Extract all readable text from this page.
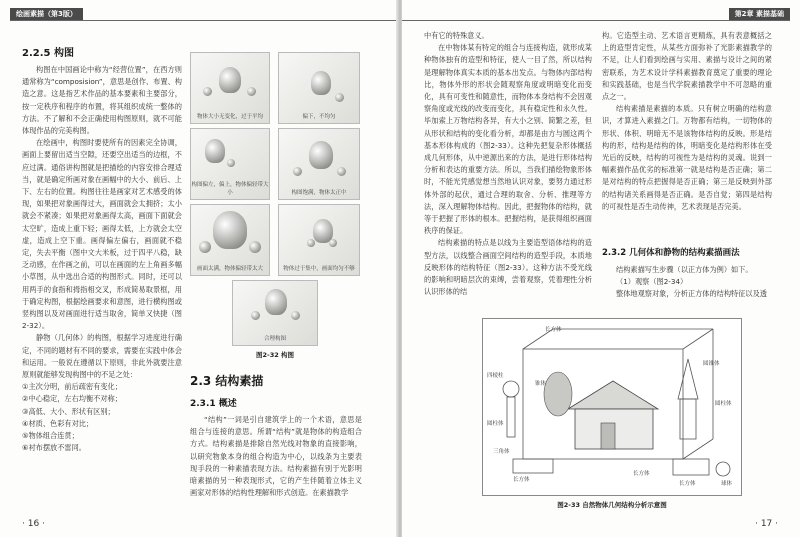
绘画素描（第3版）
2.2.5 构图

构图在中国画论中称为“经营位置”，在西方则通常称为“composision”，意思是创作、布置、构造之意。这是指艺术作品的基本要素和主要部分，按一定秩序和程序的布置，将其组织成统一整体的方法。不了解和不会正确使用构图原则，就不可能体现作品的完美构图。

在绘画中，构图时要使所有的因素完全协调，画面上要留出适当空隙，还要空出适当的边框，不应过满。通俗讲构图就是把描绘的内容安排合理适当，就是确定所画对象在画幅中的大小、前后、上下、左右的位置。构图往往是画家对艺术感受的体现，如果把对象画得过大，画面就会太拥挤；太小就会不紧凑；如果把对象画得太高，画面下面就会太空旷，造成上重下轻；画得太低，上方就会太空虚，造成上空下重。画得偏左偏右，画面就不稳定，失去平衡（图中文大米板，过于四平八稳，缺乏动感，在作画之前，可以在画面的左上角画多幅小草图，从中选出合适的构图形式。同时，还可以用两手的食指和拇指相交叉，形成简易取景框，用于确定构图，根据绘画要求和意图，进行横构图或竖构图以及对画面进行适当取舍，简单又快捷（图2-32）。

静物（几何体）的构图，根据学习进度进行确定，不同的题材有不同的要求，需要在实践中体会和运用。一般说在遵循以下原则，非此外就要注意原则就能够发现构图中的不足之处：

①主次分明，前后疏密有变化；

②中心稳定，左右均衡不对称；

③高低、大小、形状有区别；

④材质、色彩有对比；

⑤物体组合连贯；

⑥衬布摆放不雷同。

物体大小无变化，过于平均	偏下，不均匀
构图偏左，偏上，物体偏轻带大小	构图饱满，物体太正中
画面太满，物体偏轻带太大	物体过于集中，画面均匀不够
合理构图
图2-32 构图
2.3 结构素描
2.3.1 概述

“结构”一词是引自建筑学上的一个术语，意思是组合与连接的意思。所谓“结构”就是物体的构造组合方式。结构素描是排除自然光线对物象的直接影响，以研究物象本身的组合构造为中心，以线条为主要表现手段的一种素描表现方法。结构素描有别于光影明暗素描的另一种表现形式，它的产生伴随着立体主义画家对形体的结构性理解和形式创造。在素描教学

· 16 ·
第2章 素描基础

中有它的特殊意义。

在中物体某有特定的组合与连接构造，就形成某种物体独有的造型和特征，使人一目了然，所以结构是理解物体真实本质的基本出发点。与物体内部结构比，物体外形的形状会随观察角度或明暗变化而变化，具有可变性和随意性，而物体本身结构不会因观察角度或光线的改变而变化，具有稳定性和永久性。毕加索上万物结构各异，有大小之别、简繁之差，但从形状和结构的变化看分析，却都是由方与圆这两个基本形体构成的（图2-33）。这种先把复杂形体概括成几何形体，从中逆源出来的方法，是进行形体结构分析和表达的重要方法。所以，当我们描绘物象形体时，不能光凭感觉想当然地认识对象，要努力通过形体外部的起伏，通过合理的取舍、分析、推理等方法，深入理解物体结构。因此，把握物体的结构，就等于把握了形体的根本。把握结构，是获得组织画面秩序的保证。

结构素描的特点是以线为主要造型语体结构的造型方法，以线整合画面空间结构的造型手段，本质地反映形体的结构特征（图2-33）。这种方法不受光线的影响和明暗层次的束缚，尝着观察，凭着理性分析认识形体的结

构。它造型主动、艺术语言更精炼，具有表意概括之上的造型肯定性，从某些方面弥补了光影素描教学的不足，让人们看到绘画与实用、素描与设计之间的紧密联系，为艺术设计学科素描教育奠定了重要的理论和实践基础，也是当代学院素描教学中不可忽略的重点之一。

结构素描是素描的本质。只有树立明确的结构意识，才算进入素描之门。万物都有结构，一切物体的形状、体积、明暗无不是该物体结构的反映。形是结构的形，结构是结构的体，明暗变化是结构形体在受光后的反映，结构的可视性为是结构的灵魂。说到一幅素描作品优劣的标准第一就是结构是否正确；第二是对结构的特点把握得是否正确；第三是反映到外部的结构诸关系画得是否正确。是否自觉；第四是结构的可视性是否生动传神，艺术表现是否完美。

2.3.2 几何体和静物的结构素描画法

结构素描写生步骤（以正方体为例）如下。

（1）观察（图2-34）

整体地观察对象，分析正方体的结构特征以及透

长方体
锥体
四棱柱
圆锥体
圆柱体
圆柱体
三角体
长方体
长方体
长方体	球体
图2-33 自然物体几何结构分析示意图
· 17 ·
